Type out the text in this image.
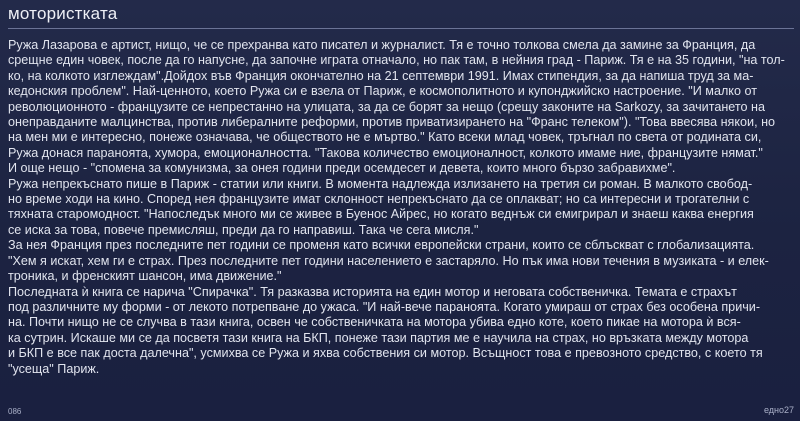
мотористката
Ружа Лазарова е артист, нищо, че се прехранва като писател и журналист. Тя е точно толкова смела да замине за Франция, да
срещне един човек, после да го напусне, да започне играта отначало, но пак там, в нейния град - Париж. Тя е на 35 години, "на тол-
ко, на колкото изглеждам".Дойдох във Франция окончателно на 21 септември 1991. Имах стипендия, за да напиша труд за ма-
кедонския проблем". Най-ценното, което Ружа си е взела от Париж, е космополитното и купонджийско настроение. "И малко от
революционното - французите се непрестанно на улицата, за да се борят за нещо (срещу законите на Sarkozy, за зачитането на
онеправданите малцинства, против либералните реформи, против приватизирането на "Франс телеком"). "Това ввесява някои, но
на мен ми е интересно, понеже означава, че обществото не е мъртво." Като всеки млад човек, тръгнал по света от родината си,
Ружа донася параноята, хумора, емоционалността. "Такова количество емоционалност, колкото имаме ние, французите нямат."
И още нещо - "спомена за комунизма, за онея години преди осемдесет и девета, които много бързо забравихме".
Ружа непрекъснато пише в Париж - статии или книги. В момента надлежда излизането на третия си роман. В малкото свобод-
но време ходи на кино. Според нея французите имат склонност непрекъснато да се оплакват; но са интересни и трогателни с
тяхната старомодност. "Напоследък много ми се живее в Буенос Айрес, но когато веднъж си емигрирал и знаеш каква енергия
се иска за това, повече премисляш, преди да го направиш. Така че сега мисля."
За нея Франция през последните пет години се променя като всички европейски страни, които се сблъскват с глобализацията.
"Хем я искат, хем ги е страх. През последните пет години населението е застаряло. Но пък има нови течения в музиката - и елек-
троника, и френският шансон, има движение."
Последната ѝ книга се нарича "Спирачка". Тя разказва историята на един мотор и неговата собственичка. Темата е страхът
под различните му форми - от лекото потрепване до ужаса. "И най-вече параноята. Когато умираш от страх без особена причи-
на. Почти нищо не се случва в тази книга, освен че собственичката на мотора убива едно коте, което пикае на мотора ѝ вся-
ка сутрин. Искаше ми се да посветя тази книга на БКП, понеже тази партия ме е научила на страх, но връзката между мотора
и БКП е все пак доста далечна", усмихва се Ружа и яхва собствения си мотор. Всъщност това е превозното средство, с което тя
"усеща" Париж.
086	едно27
